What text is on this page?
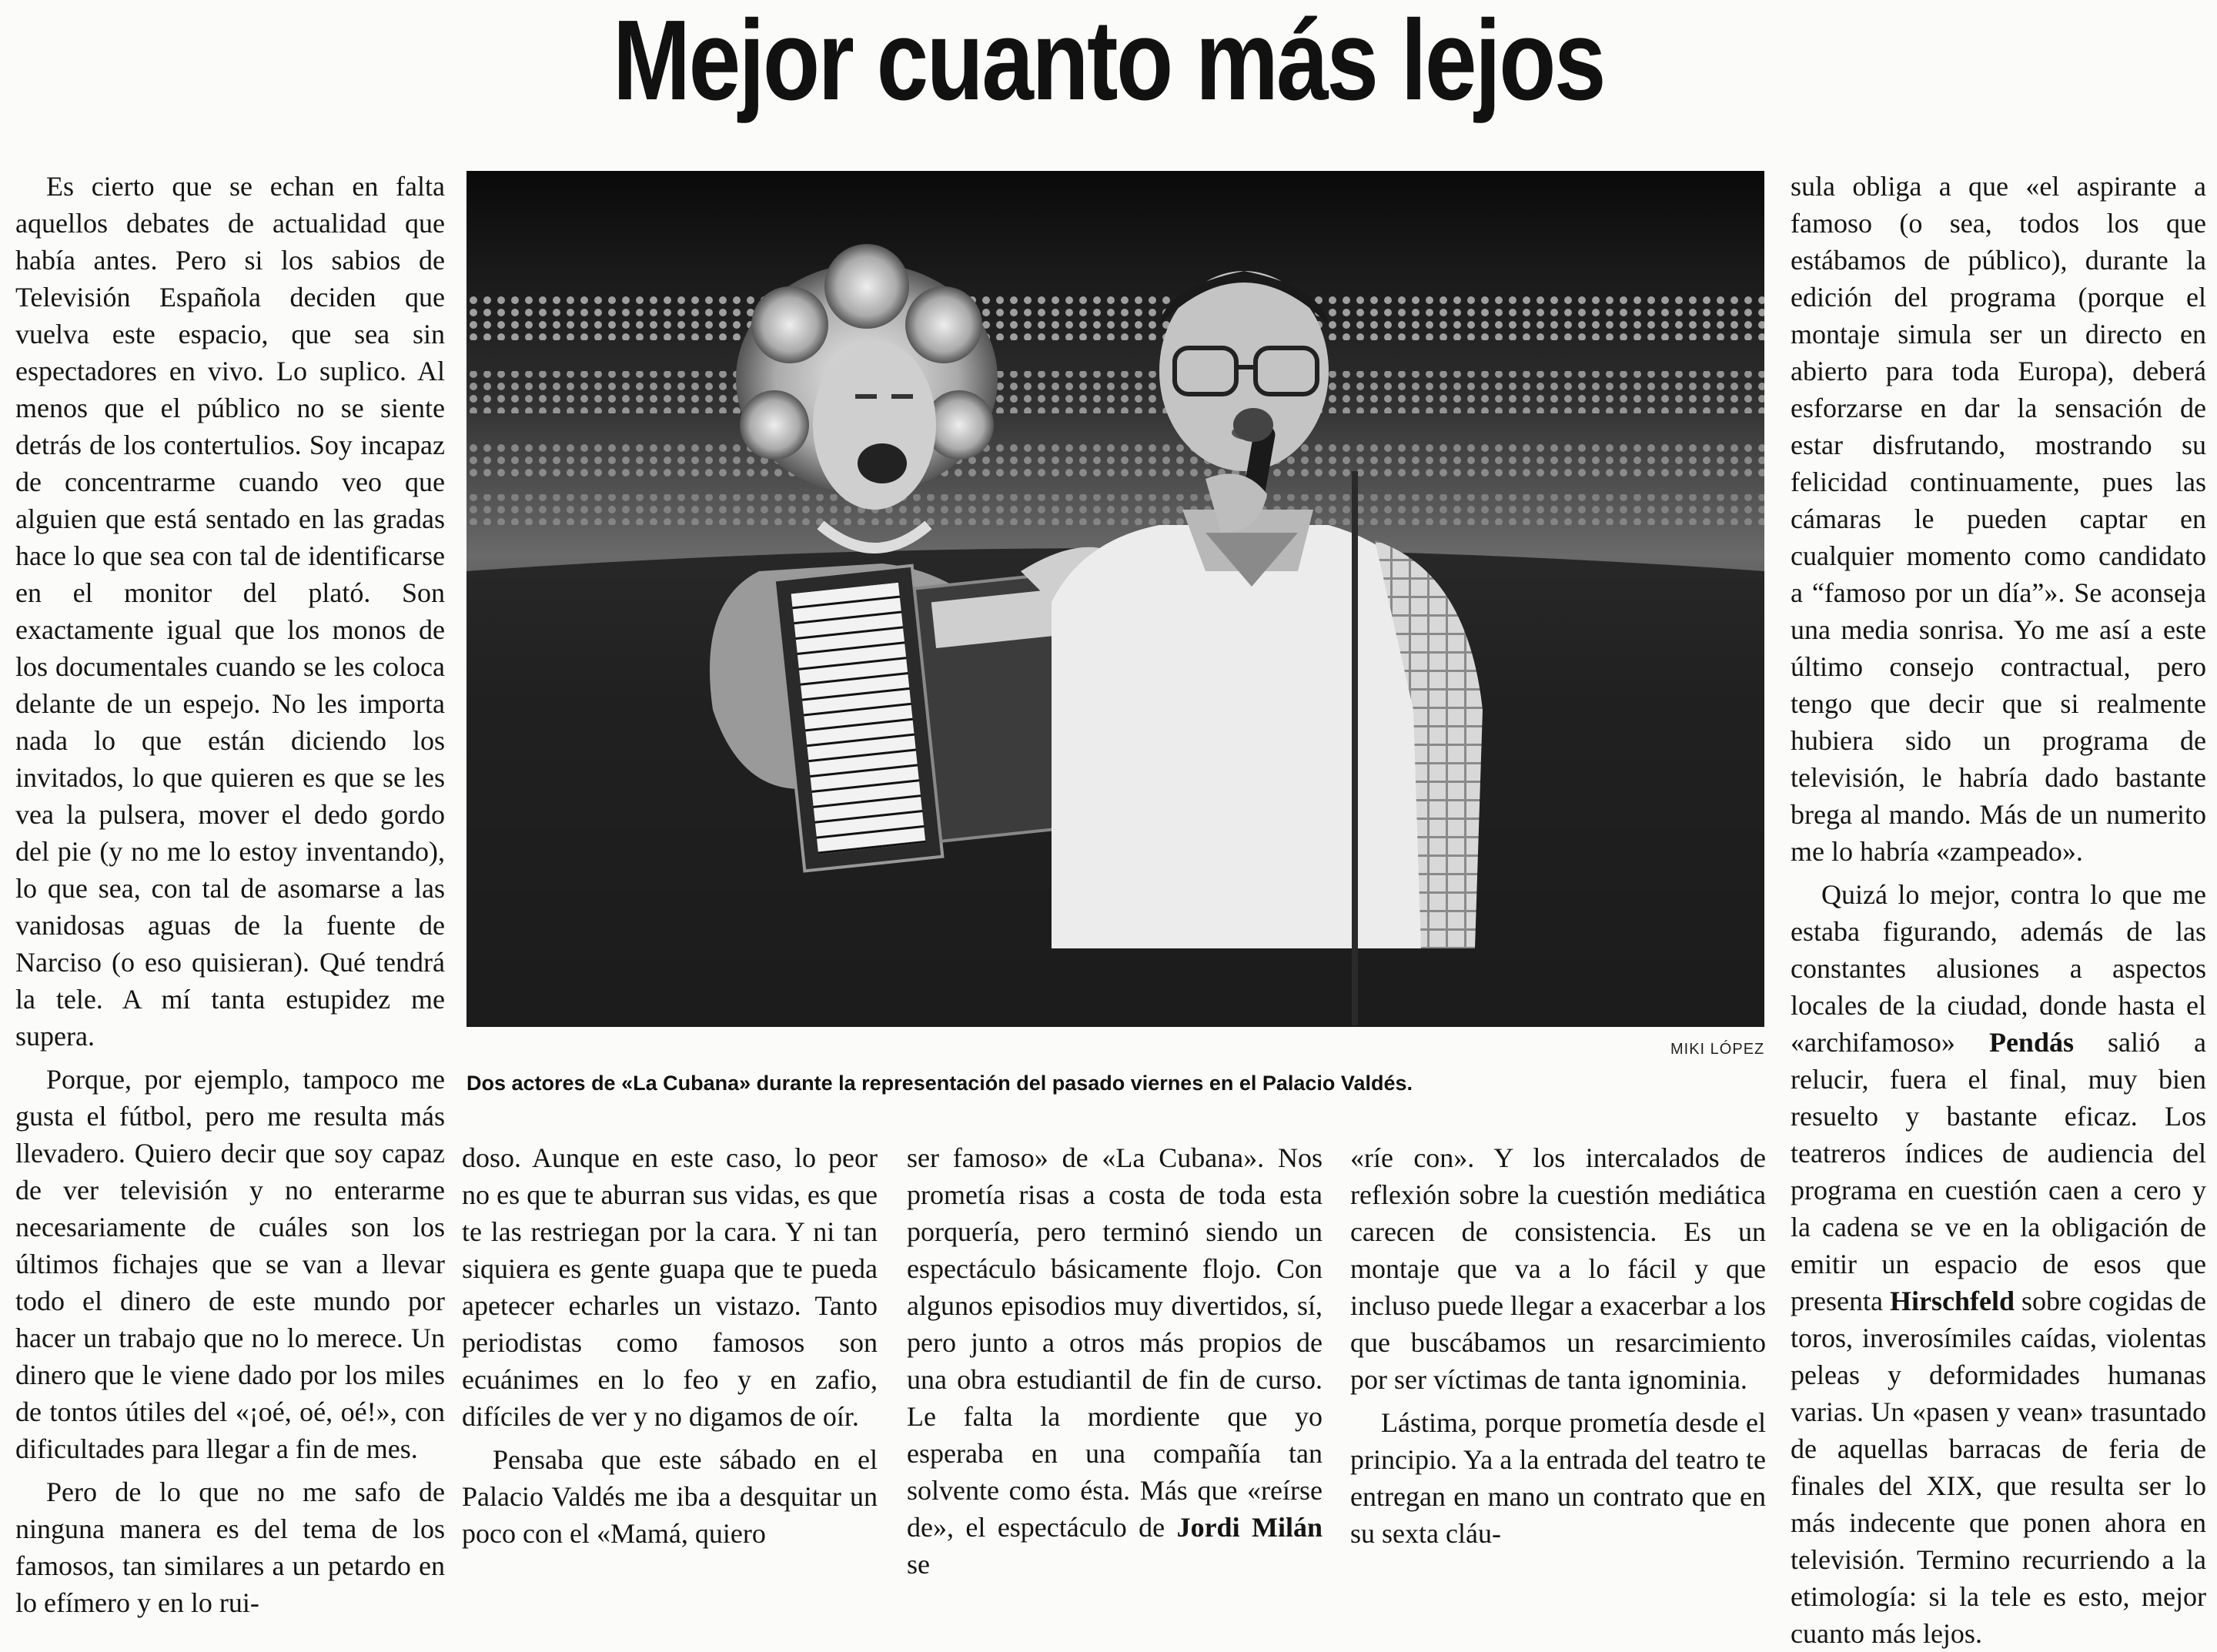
Mejor cuanto más lejos

Es cierto que se echan en falta aquellos debates de actualidad que había antes. Pero si los sabios de Televisión Española deciden que vuelva este espacio, que sea sin espectadores en vivo. Lo suplico. Al menos que el público no se siente detrás de los contertulios. Soy incapaz de concentrarme cuando veo que alguien que está sentado en las gradas hace lo que sea con tal de identificarse en el monitor del plató. Son exactamente igual que los monos de los documentales cuando se les coloca delante de un espejo. No les importa nada lo que están diciendo los invitados, lo que quieren es que se les vea la pulsera, mover el dedo gordo del pie (y no me lo estoy inventando), lo que sea, con tal de asomarse a las vanidosas aguas de la fuente de Narciso (o eso quisieran). Qué tendrá la tele. A mí tanta estupidez me supera.

Porque, por ejemplo, tampoco me gusta el fútbol, pero me resulta más llevadero. Quiero decir que soy capaz de ver televisión y no enterarme necesariamente de cuáles son los últimos fichajes que se van a llevar todo el dinero de este mundo por hacer un trabajo que no lo merece. Un dinero que le viene dado por los miles de tontos útiles del «¡oé, oé, oé!», con dificultades para llegar a fin de mes.

Pero de lo que no me safo de ninguna manera es del tema de los famosos, tan similares a un petardo en lo efímero y en lo rui-

MIKI LÓPEZ
Dos actores de «La Cubana» durante la representación del pasado viernes en el Palacio Valdés.

doso. Aunque en este caso, lo peor no es que te aburran sus vidas, es que te las restriegan por la cara. Y ni tan siquiera es gente guapa que te pueda apetecer echarles un vistazo. Tanto periodistas como famosos son ecuánimes en lo feo y en zafio, difíciles de ver y no digamos de oír.

Pensaba que este sábado en el Palacio Valdés me iba a desquitar un poco con el «Mamá, quiero

ser famoso» de «La Cubana». Nos prometía risas a costa de toda esta porquería, pero terminó siendo un espectáculo básicamente flojo. Con algunos episodios muy divertidos, sí, pero junto a otros más propios de una obra estudiantil de fin de curso. Le falta la mordiente que yo esperaba en una compañía tan solvente como ésta. Más que «reírse de», el espectáculo de Jordi Milán se

«ríe con». Y los intercalados de reflexión sobre la cuestión mediática carecen de consistencia. Es un montaje que va a lo fácil y que incluso puede llegar a exacerbar a los que buscábamos un resarcimiento por ser víctimas de tanta ignominia.

Lástima, porque prometía desde el principio. Ya a la entrada del teatro te entregan en mano un contrato que en su sexta cláu-

sula obliga a que «el aspirante a famoso (o sea, todos los que estábamos de público), durante la edición del programa (porque el montaje simula ser un directo en abierto para toda Europa), deberá esforzarse en dar la sensación de estar disfrutando, mostrando su felicidad continuamente, pues las cámaras le pueden captar en cualquier momento como candidato a “famoso por un día”». Se aconseja una media sonrisa. Yo me así a este último consejo contractual, pero tengo que decir que si realmente hubiera sido un programa de televisión, le habría dado bastante brega al mando. Más de un numerito me lo habría «zampeado».

Quizá lo mejor, contra lo que me estaba figurando, además de las constantes alusiones a aspectos locales de la ciudad, donde hasta el «archifamoso» Pendás salió a relucir, fuera el final, muy bien resuelto y bastante eficaz. Los teatreros índices de audiencia del programa en cuestión caen a cero y la cadena se ve en la obligación de emitir un espacio de esos que presenta Hirschfeld sobre cogidas de toros, inverosímiles caídas, violentas peleas y deformidades humanas varias. Un «pasen y vean» trasuntado de aquellas barracas de feria de finales del XIX, que resulta ser lo más indecente que ponen ahora en televisión. Termino recurriendo a la etimología: si la tele es esto, mejor cuanto más lejos.
